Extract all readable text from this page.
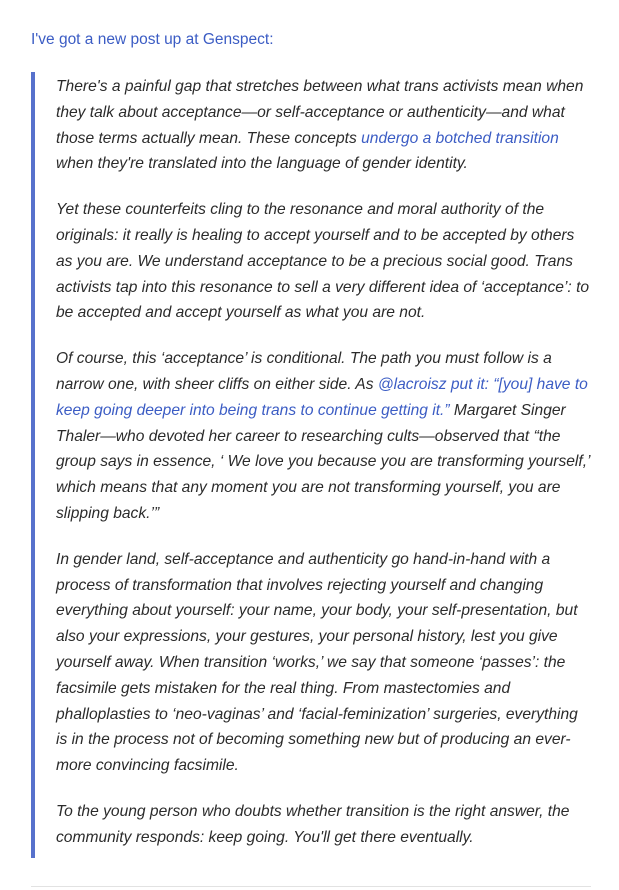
I've got a new post up at Genspect:

There's a painful gap that stretches between what trans activists mean when they talk about acceptance—or self-acceptance or authenticity—and what those terms actually mean. These concepts undergo a botched transition when they're translated into the language of gender identity.

Yet these counterfeits cling to the resonance and moral authority of the originals: it really is healing to accept yourself and to be accepted by others as you are. We understand acceptance to be a precious social good. Trans activists tap into this resonance to sell a very different idea of ‘acceptance’: to be accepted and accept yourself as what you are not.

Of course, this ‘acceptance’ is conditional. The path you must follow is a narrow one, with sheer cliffs on either side. As @lacroisz put it: “[you] have to keep going deeper into being trans to continue getting it.” Margaret Singer Thaler—who devoted her career to researching cults—observed that “the group says in essence, ‘ We love you because you are transforming yourself,’ which means that any moment you are not transforming yourself, you are slipping back.’”

In gender land, self-acceptance and authenticity go hand-in-hand with a process of transformation that involves rejecting yourself and changing everything about yourself: your name, your body, your self-presentation, but also your expressions, your gestures, your personal history, lest you give yourself away. When transition ‘works,’ we say that someone ‘passes’: the facsimile gets mistaken for the real thing. From mastectomies and phalloplasties to ‘neo-vaginas’ and ‘facial-feminization’ surgeries, everything is in the process not of becoming something new but of producing an ever-more convincing facsimile.

To the young person who doubts whether transition is the right answer, the community responds: keep going. You'll get there eventually.
